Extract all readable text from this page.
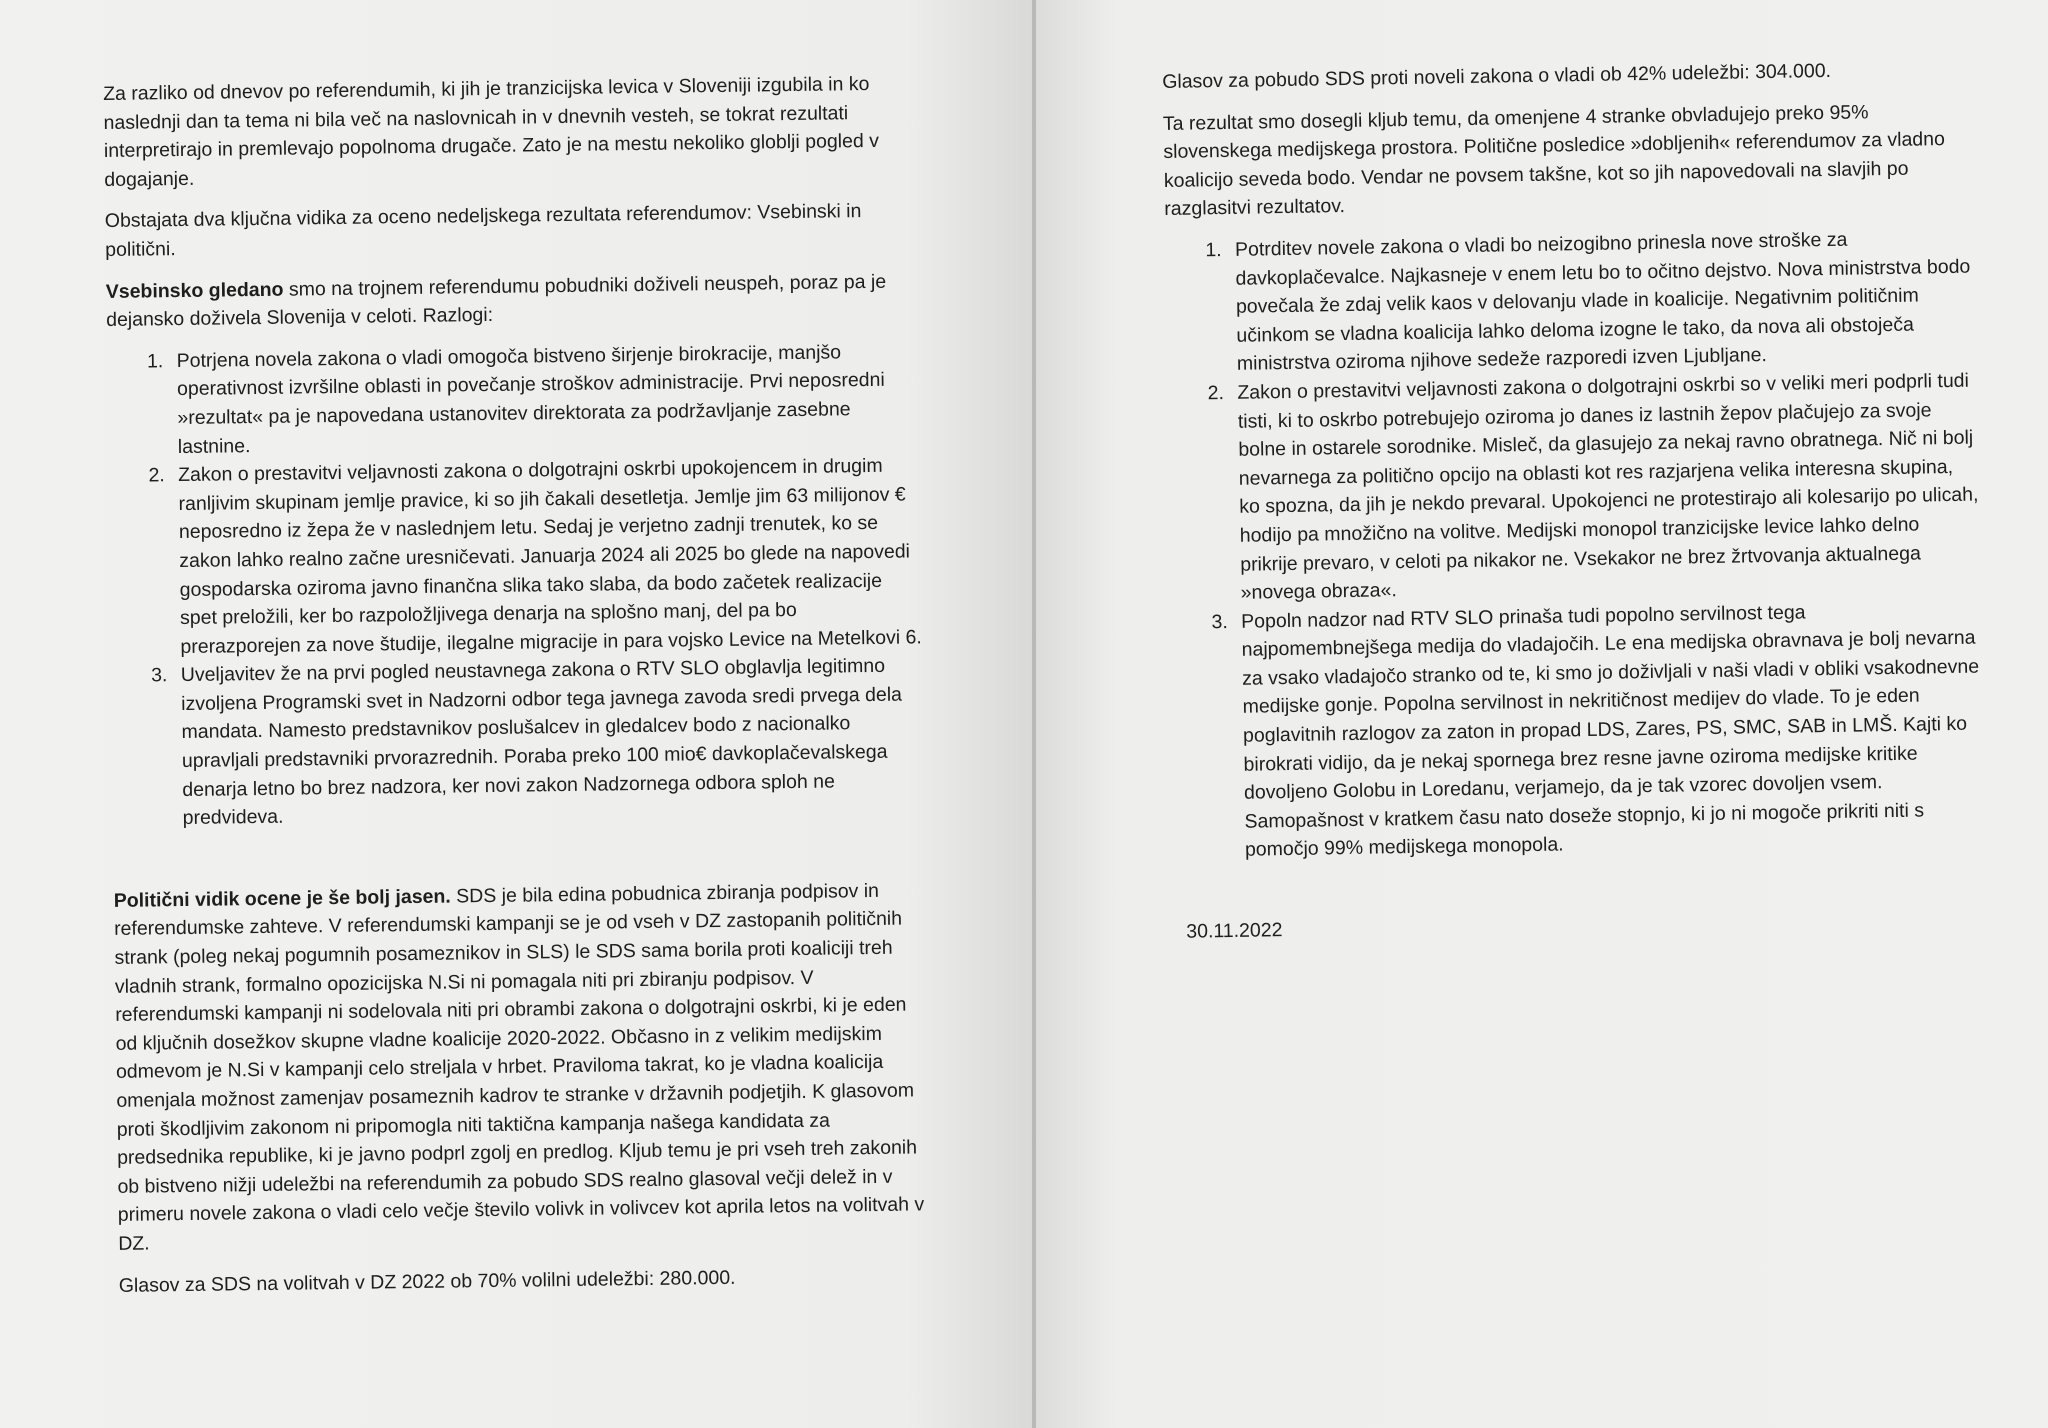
Za razliko od dnevov po referendumih, ki jih je tranzicijska levica v Sloveniji izgubila in ko naslednji dan ta tema ni bila več na naslovnicah in v dnevnih vesteh, se tokrat rezultati interpretirajo in premlevajo popolnoma drugače. Zato je na mestu nekoliko globlji pogled v dogajanje.

Obstajata dva ključna vidika za oceno nedeljskega rezultata referendumov: Vsebinski in politični.

Vsebinsko gledano smo na trojnem referendumu pobudniki doživeli neuspeh, poraz pa je dejansko doživela Slovenija v celoti. Razlogi:

1. Potrjena novela zakona o vladi omogoča bistveno širjenje birokracije, manjšo operativnost izvršilne oblasti in povečanje stroškov administracije. Prvi neposredni »rezultat« pa je napovedana ustanovitev direktorata za podržavljanje zasebne lastnine.
2. Zakon o prestavitvi veljavnosti zakona o dolgotrajni oskrbi upokojencem in drugim ranljivim skupinam jemlje pravice, ki so jih čakali desetletja. Jemlje jim 63 milijonov € neposredno iz žepa že v naslednjem letu. Sedaj je verjetno zadnji trenutek, ko se zakon lahko realno začne uresničevati. Januarja 2024 ali 2025 bo glede na napovedi gospodarska oziroma javno finančna slika tako slaba, da bodo začetek realizacije spet preložili, ker bo razpoložljivega denarja na splošno manj, del pa bo prerazporejen za nove študije, ilegalne migracije in para vojsko Levice na Metelkovi 6.
3. Uveljavitev že na prvi pogled neustavnega zakona o RTV SLO obglavlja legitimno izvoljena Programski svet in Nadzorni odbor tega javnega zavoda sredi prvega dela mandata. Namesto predstavnikov poslušalcev in gledalcev bodo z nacionalko upravljali predstavniki prvorazrednih. Poraba preko 100 mio€ davkoplačevalskega denarja letno bo brez nadzora, ker novi zakon Nadzornega odbora sploh ne predvideva.

Politični vidik ocene je še bolj jasen. SDS je bila edina pobudnica zbiranja podpisov in referendumske zahteve. V referendumski kampanji se je od vseh v DZ zastopanih političnih strank (poleg nekaj pogumnih posameznikov in SLS) le SDS sama borila proti koaliciji treh vladnih strank, formalno opozicijska N.Si ni pomagala niti pri zbiranju podpisov. V referendumski kampanji ni sodelovala niti pri obrambi zakona o dolgotrajni oskrbi, ki je eden od ključnih dosežkov skupne vladne koalicije 2020-2022. Občasno in z velikim medijskim odmevom je N.Si v kampanji celo streljala v hrbet. Praviloma takrat, ko je vladna koalicija omenjala možnost zamenjav posameznih kadrov te stranke v državnih podjetjih. K glasovom proti škodljivim zakonom ni pripomogla niti taktična kampanja našega kandidata za predsednika republike, ki je javno podprl zgolj en predlog. Kljub temu je pri vseh treh zakonih ob bistveno nižji udeležbi na referendumih za pobudo SDS realno glasoval večji delež in v primeru novele zakona o vladi celo večje število volivk in volivcev kot aprila letos na volitvah v DZ.

Glasov za SDS na volitvah v DZ 2022 ob 70% volilni udeležbi: 280.000.

Glasov za pobudo SDS proti noveli zakona o vladi ob 42% udeležbi: 304.000.

Ta rezultat smo dosegli kljub temu, da omenjene 4 stranke obvladujejo preko 95% slovenskega medijskega prostora. Politične posledice »dobljenih« referendumov za vladno koalicijo seveda bodo. Vendar ne povsem takšne, kot so jih napovedovali na slavjih po razglasitvi rezultatov.

1. Potrditev novele zakona o vladi bo neizogibno prinesla nove stroške za davkoplačevalce. Najkasneje v enem letu bo to očitno dejstvo. Nova ministrstva bodo povečala že zdaj velik kaos v delovanju vlade in koalicije. Negativnim političnim učinkom se vladna koalicija lahko deloma izogne le tako, da nova ali obstoječa ministrstva oziroma njihove sedeže razporedi izven Ljubljane.
2. Zakon o prestavitvi veljavnosti zakona o dolgotrajni oskrbi so v veliki meri podprli tudi tisti, ki to oskrbo potrebujejo oziroma jo danes iz lastnih žepov plačujejo za svoje bolne in ostarele sorodnike. Misleč, da glasujejo za nekaj ravno obratnega. Nič ni bolj nevarnega za politično opcijo na oblasti kot res razjarjena velika interesna skupina, ko spozna, da jih je nekdo prevaral. Upokojenci ne protestirajo ali kolesarijo po ulicah, hodijo pa množično na volitve. Medijski monopol tranzicijske levice lahko delno prikrije prevaro, v celoti pa nikakor ne. Vsekakor ne brez žrtvovanja aktualnega »novega obraza«.
3. Popoln nadzor nad RTV SLO prinaša tudi popolno servilnost tega najpomembnejšega medija do vladajočih. Le ena medijska obravnava je bolj nevarna za vsako vladajočo stranko od te, ki smo jo doživljali v naši vladi v obliki vsakodnevne medijske gonje. Popolna servilnost in nekritičnost medijev do vlade. To je eden poglavitnih razlogov za zaton in propad LDS, Zares, PS, SMC, SAB in LMŠ. Kajti ko birokrati vidijo, da je nekaj spornega brez resne javne oziroma medijske kritike dovoljeno Golobu in Loredanu, verjamejo, da je tak vzorec dovoljen vsem. Samopašnost v kratkem času nato doseže stopnjo, ki jo ni mogoče prikriti niti s pomočjo 99% medijskega monopola.

30.11.2022
